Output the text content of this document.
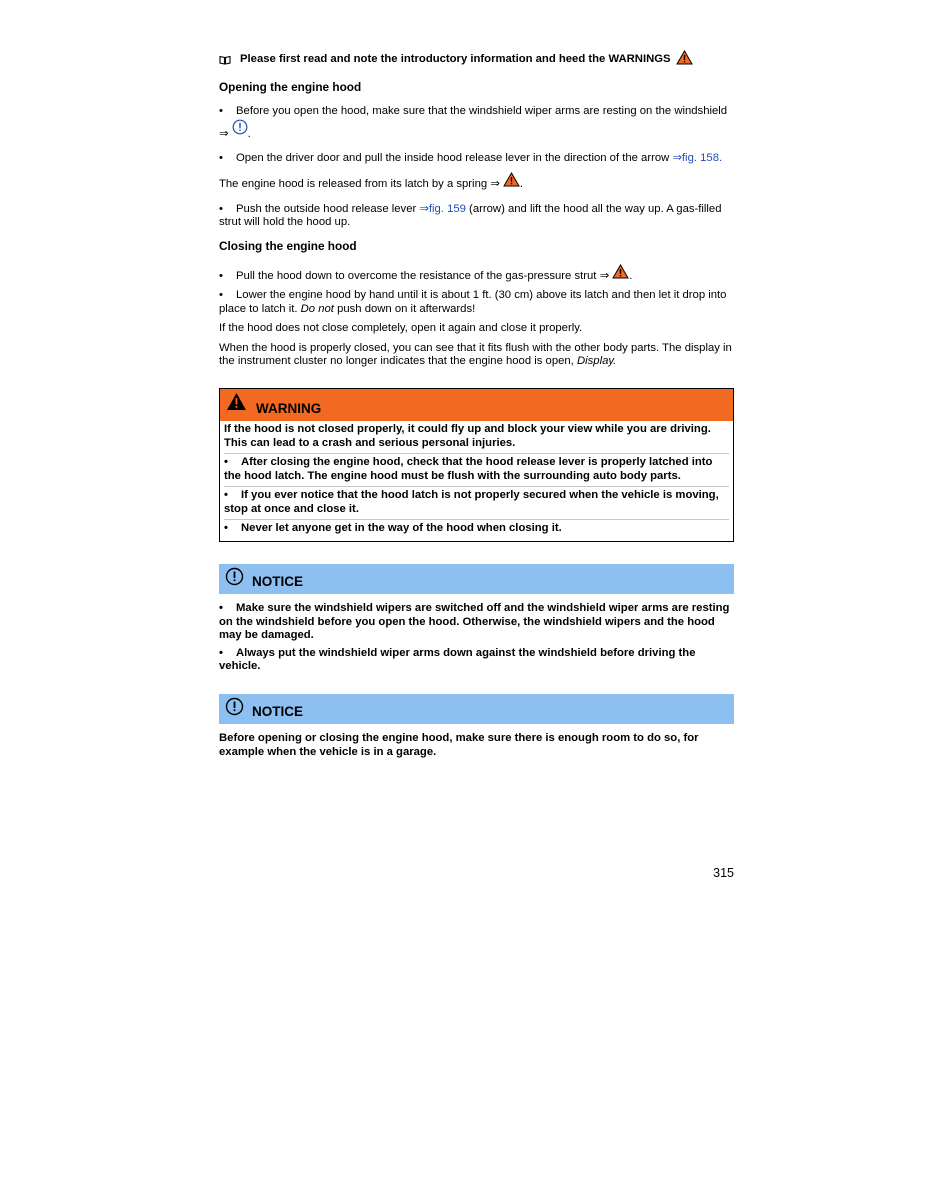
Please first read and note the introductory information and heed the WARNINGS
Opening the engine hood
• Before you open the hood, make sure that the windshield wiper arms are resting on the windshield
⇒ .
• Open the driver door and pull the inside hood release lever in the direction of the arrow ⇒fig. 158.

The engine hood is released from its latch by a spring ⇒ .

• Push the outside hood release lever ⇒fig. 159 (arrow) and lift the hood all the way up. A gas-filled strut will hold the hood up.
Closing the engine hood
• Pull the hood down to overcome the resistance of the gas-pressure strut ⇒ .
• Lower the engine hood by hand until it is about 1 ft. (30 cm) above its latch and then let it drop into place to latch it. Do not push down on it afterwards!

If the hood does not close completely, open it again and close it properly.

When the hood is properly closed, you can see that it fits flush with the other body parts. The display in the instrument cluster no longer indicates that the engine hood is open, Display.

WARNING
If the hood is not closed properly, it could fly up and block your view while you are driving. This can lead to a crash and serious personal injuries.
• After closing the engine hood, check that the hood release lever is properly latched into the hood latch. The engine hood must be flush with the surrounding auto body parts.
• If you ever notice that the hood latch is not properly secured when the vehicle is moving, stop at once and close it.
• Never let anyone get in the way of the hood when closing it.
NOTICE
• Make sure the windshield wipers are switched off and the windshield wiper arms are resting on the windshield before you open the hood. Otherwise, the windshield wipers and the hood may be damaged.
• Always put the windshield wiper arms down against the windshield before driving the vehicle.
NOTICE
Before opening or closing the engine hood, make sure there is enough room to do so, for example when the vehicle is in a garage.
315
